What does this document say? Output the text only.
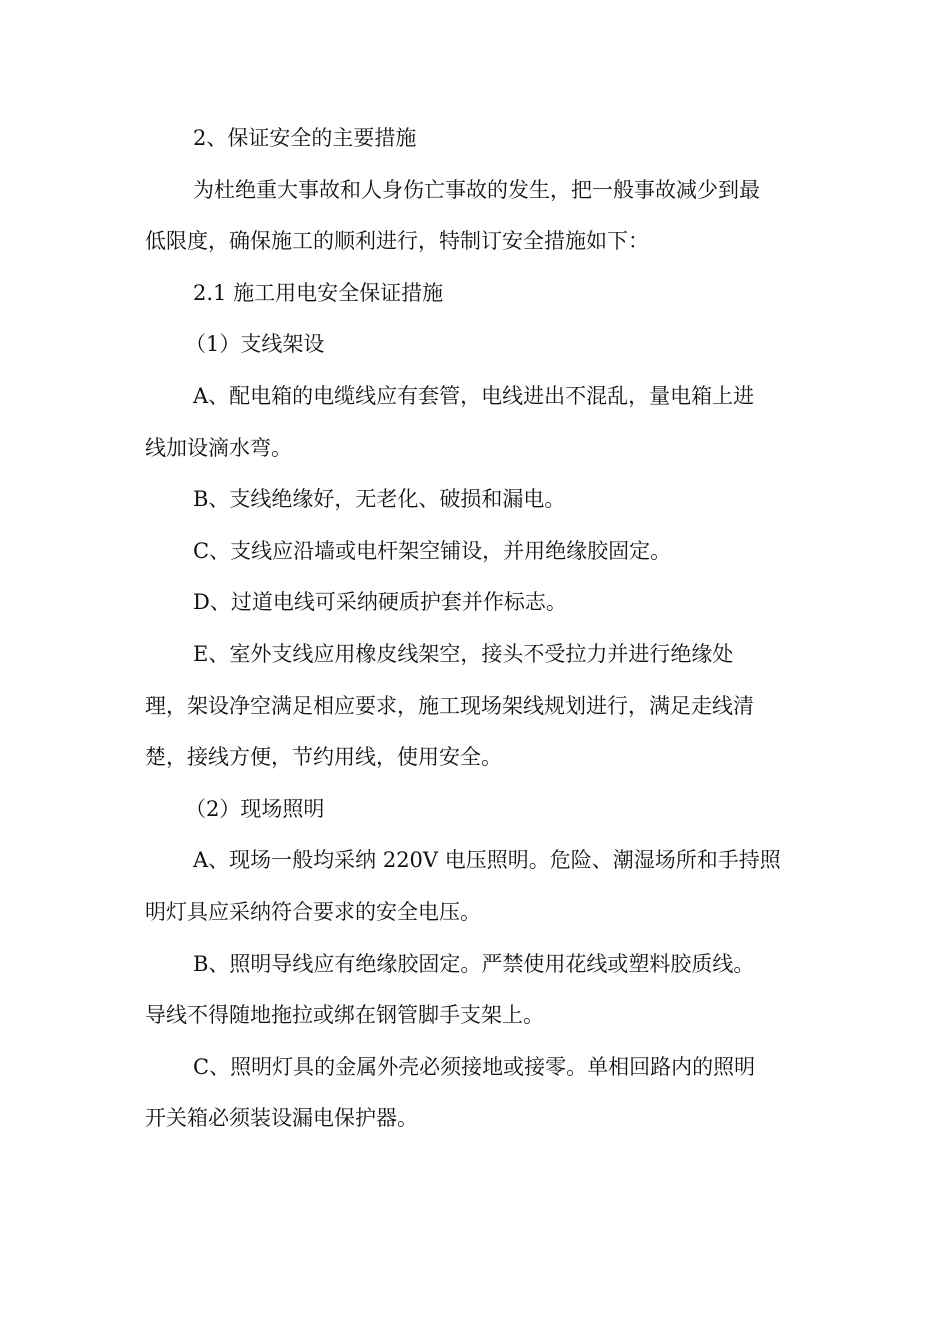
2、保证安全的主要措施
为杜绝重大事故和人身伤亡事故的发生，把一般事故减少到最
低限度，确保施工的顺利进行，特制订安全措施如下：
2.1 施工用电安全保证措施
（1）支线架设
A、配电箱的电缆线应有套管，电线进出不混乱，量电箱上进
线加设滴水弯。
B、支线绝缘好，无老化、破损和漏电。
C、支线应沿墙或电杆架空铺设，并用绝缘胶固定。
D、过道电线可采纳硬质护套并作标志。
E、室外支线应用橡皮线架空，接头不受拉力并进行绝缘处
理，架设净空满足相应要求，施工现场架线规划进行，满足走线清
楚，接线方便，节约用线，使用安全。
（2）现场照明
A、现场一般均采纳 220V 电压照明。危险、潮湿场所和手持照
明灯具应采纳符合要求的安全电压。
B、照明导线应有绝缘胶固定。严禁使用花线或塑料胶质线。
导线不得随地拖拉或绑在钢管脚手支架上。
C、照明灯具的金属外壳必须接地或接零。单相回路内的照明
开关箱必须装设漏电保护器。
